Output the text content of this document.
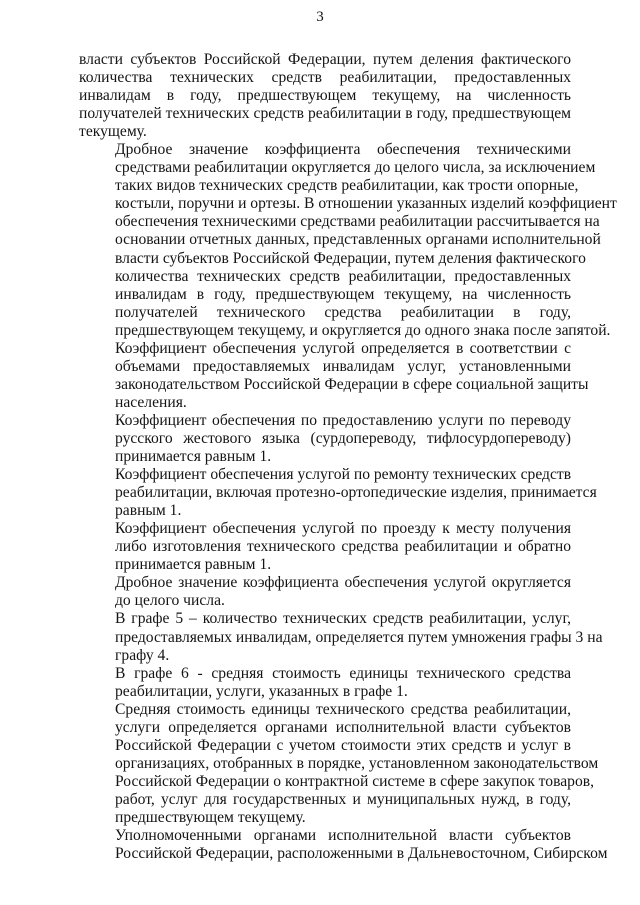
3

власти субъектов Российской Федерации, путем деления фактического
количества технических средств реабилитации, предоставленных
инвалидам в году, предшествующем текущему, на численность
получателей технических средств реабилитации в году, предшествующем
текущему.

Дробное значение коэффициента обеспечения техническими
средствами реабилитации округляется до целого числа, за исключением
таких видов технических средств реабилитации, как трости опорные,
костыли, поручни и ортезы. В отношении указанных изделий коэффициент
обеспечения техническими средствами реабилитации рассчитывается на
основании отчетных данных, представленных органами исполнительной
власти субъектов Российской Федерации, путем деления фактического
количества технических средств реабилитации, предоставленных
инвалидам в году, предшествующем текущему, на численность
получателей технического средства реабилитации в году,
предшествующем текущему, и округляется до одного знака после запятой.

Коэффициент обеспечения услугой определяется в соответствии с
объемами предоставляемых инвалидам услуг, установленными
законодательством Российской Федерации в сфере социальной защиты
населения.

Коэффициент обеспечения по предоставлению услуги по переводу
русского жестового языка (сурдопереводу, тифлосурдопереводу)
принимается равным 1.

Коэффициент обеспечения услугой по ремонту технических средств
реабилитации, включая протезно-ортопедические изделия, принимается
равным 1.

Коэффициент обеспечения услугой по проезду к месту получения
либо изготовления технического средства реабилитации и обратно
принимается равным 1.

Дробное значение коэффициента обеспечения услугой округляется
до целого числа.

В графе 5 – количество технических средств реабилитации, услуг,
предоставляемых инвалидам, определяется путем умножения графы 3 на
графу 4.

В графе 6 - средняя стоимость единицы технического средства
реабилитации, услуги, указанных в графе 1.

Средняя стоимость единицы технического средства реабилитации,
услуги определяется органами исполнительной власти субъектов
Российской Федерации с учетом стоимости этих средств и услуг в
организациях, отобранных в порядке, установленном законодательством
Российской Федерации о контрактной системе в сфере закупок товаров,
работ, услуг для государственных и муниципальных нужд, в году,
предшествующем текущему.

Уполномоченными органами исполнительной власти субъектов
Российской Федерации, расположенными в Дальневосточном, Сибирском
